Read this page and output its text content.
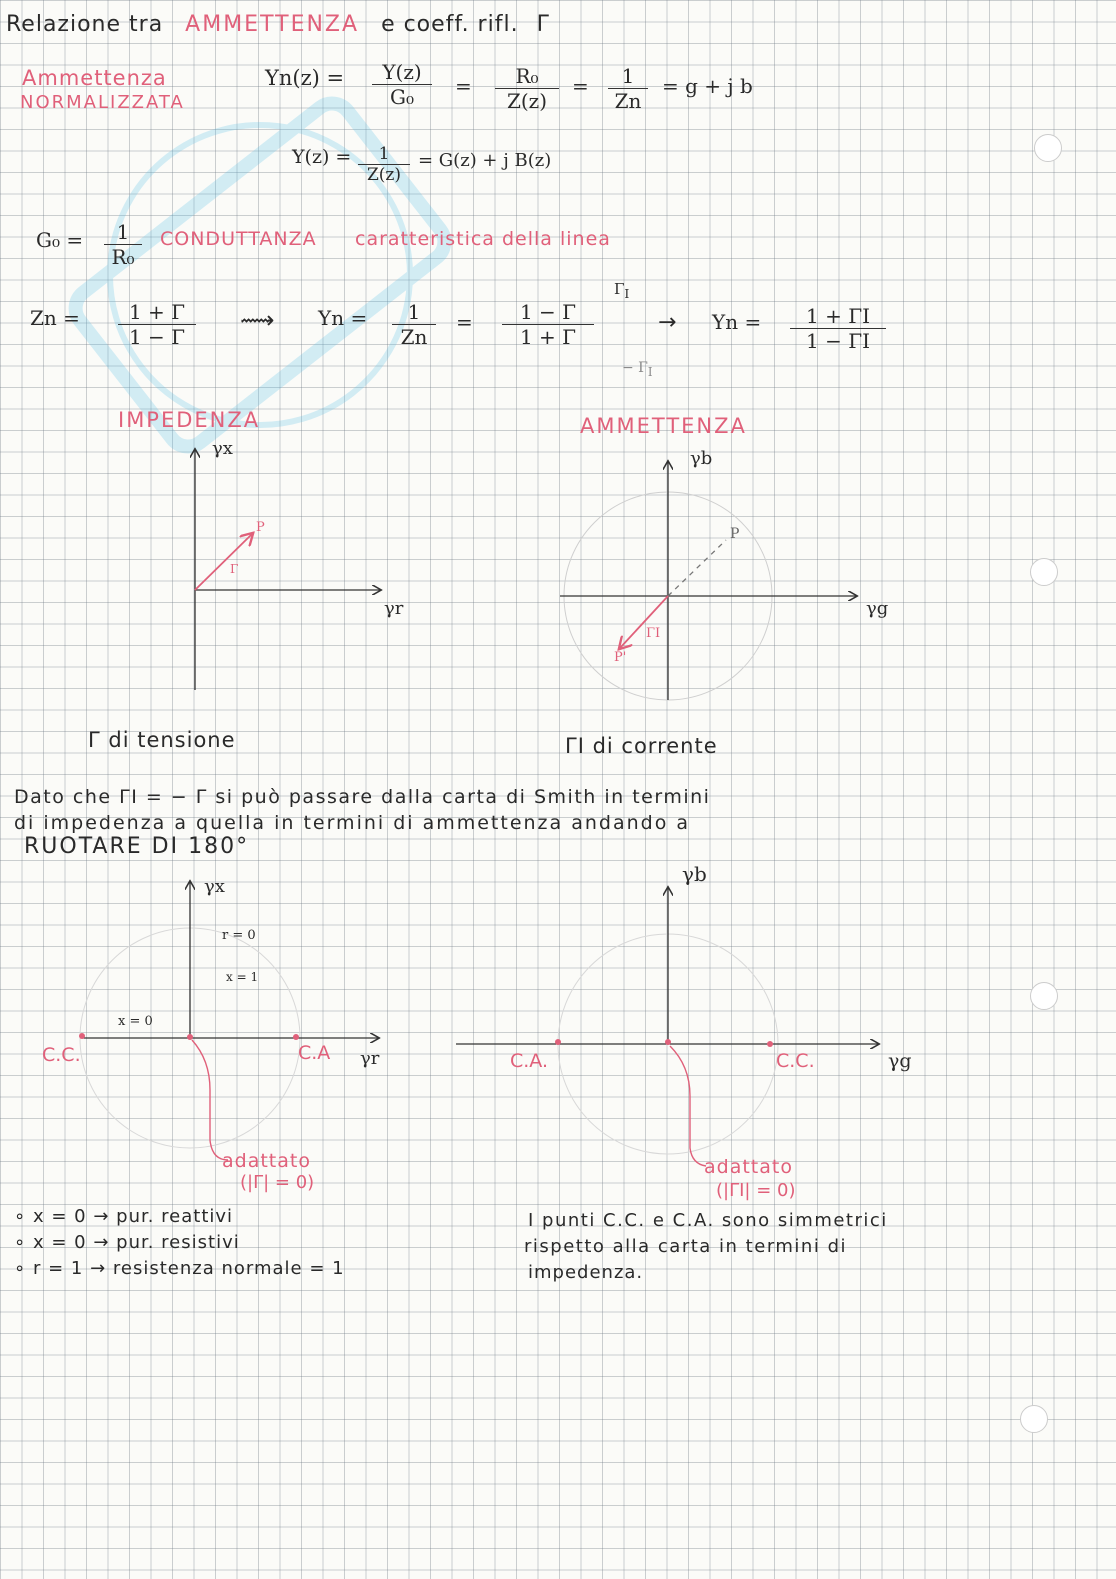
Relazione tra AMMETTENZA e coeff. rifl. Γ
Ammettenza
NORMALIZZATA
$Yn(z) = \frac{Y(z)}{\text{G₀}} = \frac{\text{R₀}}{Z(z)} = \frac{1}{Zn} = g + j$ b
$Y(z) = \frac{1}{Z(z)} = G(z) + j$ B(z)
$G_0 = \frac{1}{\text{R₀}}$ CONDUTTANZA caratteristica della linea
$Zn = \frac{1 + \Gamma}{1 - \Gamma}$ ⟿ $Yn = \frac{1}{Zn} = \frac{1 - \Gamma}{1 + \Gamma}$
$\Gamma_I$
− $\Gamma_I$
→ $Yn = \frac{1 + \Gamma I}{1 - \Gamma I}$
IMPEDENZA	AMMETTENZA
γx
γr
P
Γ
γb
γg
P
ΓI
P'
Γ di tensione	ΓI di corrente
Dato che ΓI = − Γ si può passare dalla carta di Smith in termini
di impedenza a quella in termini di ammettenza andando a
RUOTARE DI 180°
γx
r = 0
x = 1
x = 0
C.C.	C.A γr
adattato
(|Γ| = 0)
γb
C.A.	C.C.	γg
adattato
(|ΓI| = 0)
∘ x = 0 → pur. reattivi
∘ x = 0 → pur. resistivi
∘ r = 1 → resistenza normale = 1
I punti C.C. e C.A. sono simmetrici
rispetto alla carta in termini di
impedenza.
